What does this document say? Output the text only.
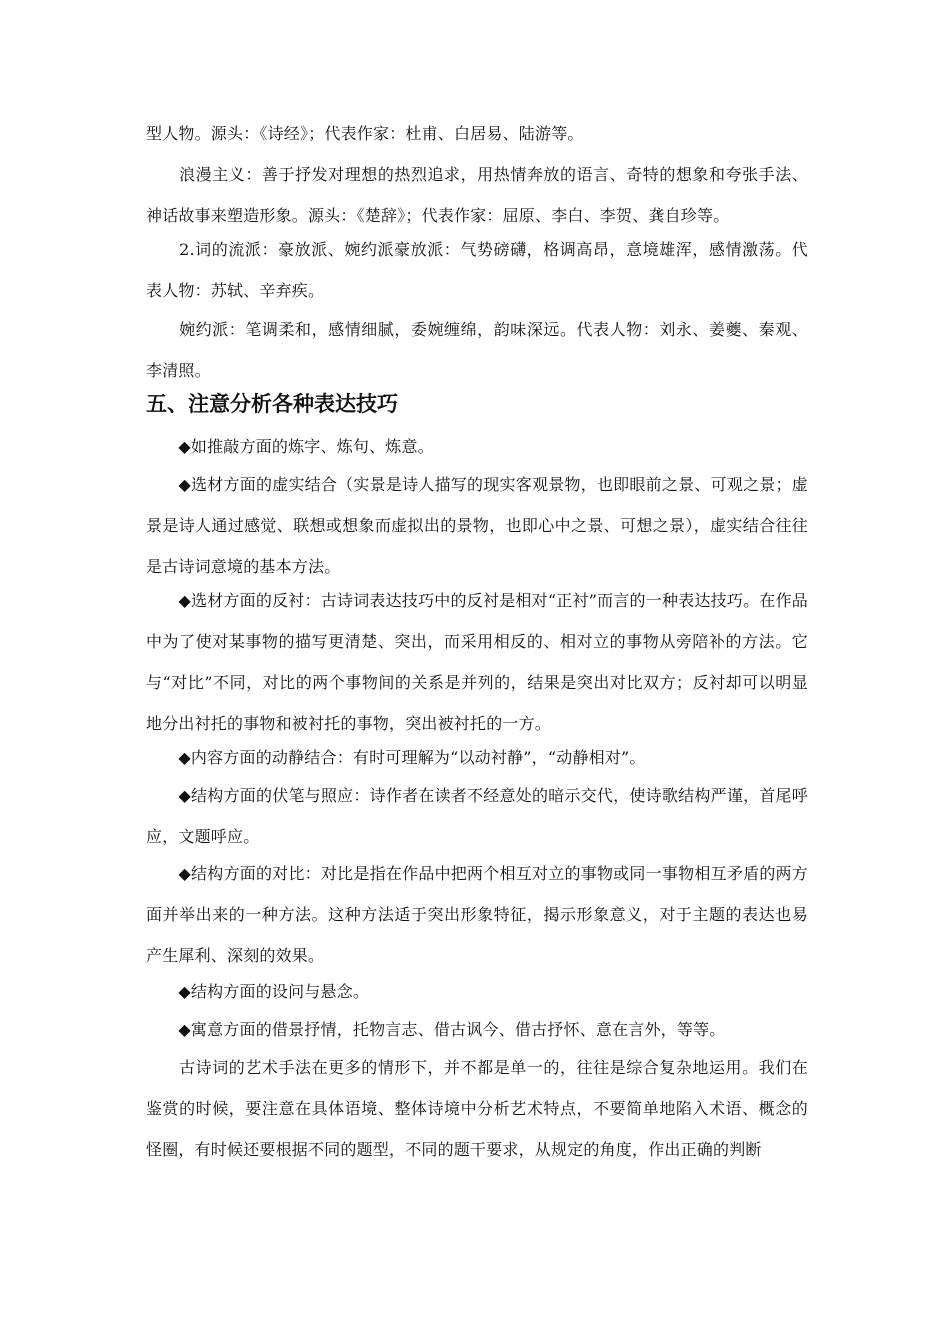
型人物。源头：《诗经》；代表作家：杜甫、白居易、陆游等。

　　浪漫主义：善于抒发对理想的热烈追求，用热情奔放的语言、奇特的想象和夸张手法、神话故事来塑造形象。源头：《楚辞》；代表作家：屈原、李白、李贺、龚自珍等。

　　2.词的流派：豪放派、婉约派豪放派：气势磅礴，格调高昂，意境雄浑，感情激荡。代表人物：苏轼、辛弃疾。

　　婉约派：笔调柔和，感情细腻，委婉缠绵，韵味深远。代表人物：刘永、姜夔、秦观、李清照。

五、注意分析各种表达技巧

　　◆如推敲方面的炼字、炼句、炼意。

　　◆选材方面的虚实结合（实景是诗人描写的现实客观景物，也即眼前之景、可观之景；虚景是诗人通过感觉、联想或想象而虚拟出的景物，也即心中之景、可想之景），虚实结合往往是古诗词意境的基本方法。

　　◆选材方面的反衬：古诗词表达技巧中的反衬是相对“正衬”而言的一种表达技巧。在作品中为了使对某事物的描写更清楚、突出，而采用相反的、相对立的事物从旁陪补的方法。它与“对比”不同，对比的两个事物间的关系是并列的，结果是突出对比双方；反衬却可以明显地分出衬托的事物和被衬托的事物，突出被衬托的一方。

　　◆内容方面的动静结合：有时可理解为“以动衬静”，“动静相对”。

　　◆结构方面的伏笔与照应：诗作者在读者不经意处的暗示交代，使诗歌结构严谨，首尾呼应，文题呼应。

　　◆结构方面的对比：对比是指在作品中把两个相互对立的事物或同一事物相互矛盾的两方面并举出来的一种方法。这种方法适于突出形象特征，揭示形象意义，对于主题的表达也易产生犀利、深刻的效果。

　　◆结构方面的设问与悬念。

　　◆寓意方面的借景抒情，托物言志、借古讽今、借古抒怀、意在言外，等等。

　　古诗词的艺术手法在更多的情形下，并不都是单一的，往往是综合复杂地运用。我们在鉴赏的时候，要注意在具体语境、整体诗境中分析艺术特点，不要简单地陷入术语、概念的怪圈，有时候还要根据不同的题型，不同的题干要求，从规定的角度，作出正确的判断
